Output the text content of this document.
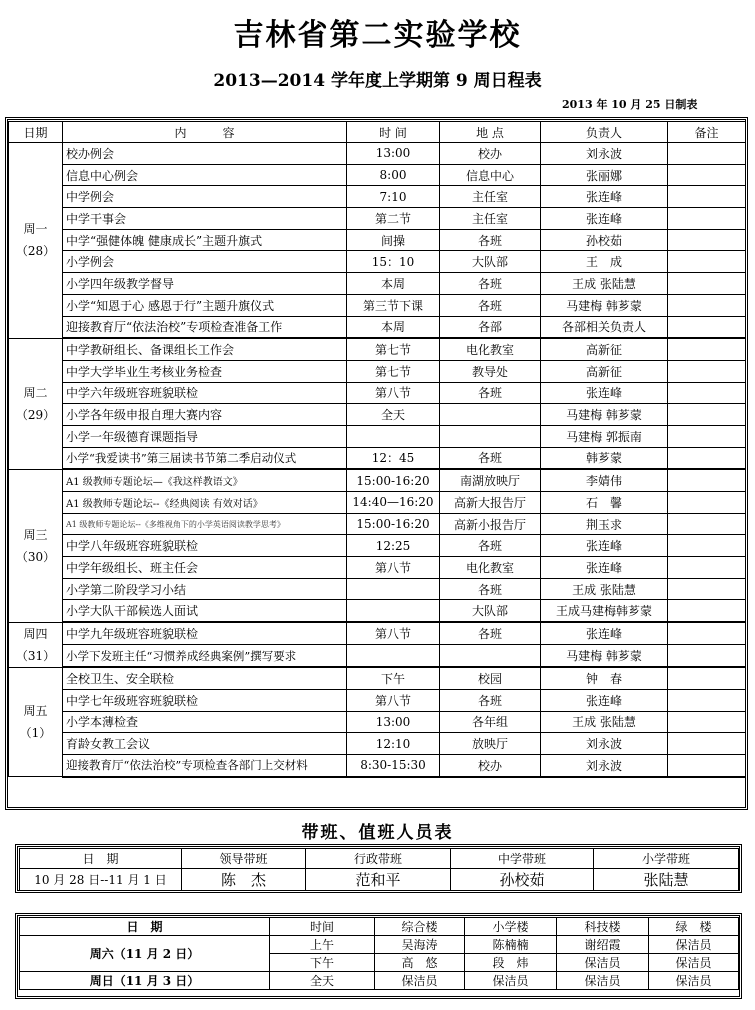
吉林省第二实验学校
2013—2014 学年度上学期第 9 周日程表
2013 年 10 月 25 日制表
日期	内　　　容	时 间	地 点	负责人	备注

周一
（28）	校办例会	13:00	校办	刘永波	
	信息中心例会	8:00	信息中心	张丽娜	
	中学例会	7:10	主任室	张连峰	
	中学干事会	第二节	主任室	张连峰	
	中学“强健体魄 健康成长”主题升旗式	间操	各班	孙校茹	
	小学例会	15：10	大队部	王　成	
	小学四年级教学督导	本周	各班	王成 张陆慧	
	小学“知恩于心 感恩于行”主题升旗仪式	第三节下课	各班	马建梅 韩芗蒙	
	迎接教育厅“依法治校”专项检查准备工作	本周	各部	各部相关负责人	

周二
（29）	中学教研组长、备课组长工作会	第七节	电化教室	高新征	
	中学大学毕业生考核业务检查	第七节	教导处	高新征	
	中学六年级班容班貌联检	第八节	各班	张连峰	
	小学各年级申报自理大赛内容	全天		马建梅 韩芗蒙	
	小学一年级德育课题指导			马建梅 郭振南	
	小学“我爱读书”第三届读书节第二季启动仪式	12：45	各班	韩芗蒙	

周三
（30）	A1 级教师专题论坛—《我这样教语文》	15:00-16:20	南湖放映厅	李婧伟	
	A1 级教师专题论坛--《经典阅读 有效对话》	14:40—16:20	高新大报告厅	石　馨	
	A1 级教师专题论坛--《多维视角下的小学英语阅读教学思考》	15:00-16:20	高新小报告厅	荆玉求	
	中学八年级班容班貌联检	12:25	各班	张连峰	
	中学年级组长、班主任会	第八节	电化教室	张连峰	
	小学第二阶段学习小结		各班	王成 张陆慧	
	小学大队干部候选人面试		大队部	王成马建梅韩芗蒙	

周四
（31）	中学九年级班容班貌联检	第八节	各班	张连峰	
	小学下发班主任“习惯养成经典案例”撰写要求			马建梅 韩芗蒙	

周五
（1）	全校卫生、安全联检	下午	校园	钟　春	
	中学七年级班容班貌联检	第八节	各班	张连峰	
	小学本薄检查	13:00	各年组	王成 张陆慧	
	育龄女教工会议	12:10	放映厅	刘永波	
	迎接教育厅“依法治校”专项检查各部门上交材料	8:30-15:30	校办	刘永波	
带班、值班人员表
日　期	领导带班	行政带班	中学带班	小学带班
10 月 28 日--11 月 1 日	陈　杰	范和平	孙校茹	张陆慧
日　期	时间	综合楼	小学楼	科技楼	绿　楼
周六（11 月 2 日）	上午	吴海涛	陈楠楠	谢绍霞	保洁员
	下午	高　悠	段　炜	保洁员	保洁员
周日（11 月 3 日）	全天	保洁员	保洁员	保洁员	保洁员
